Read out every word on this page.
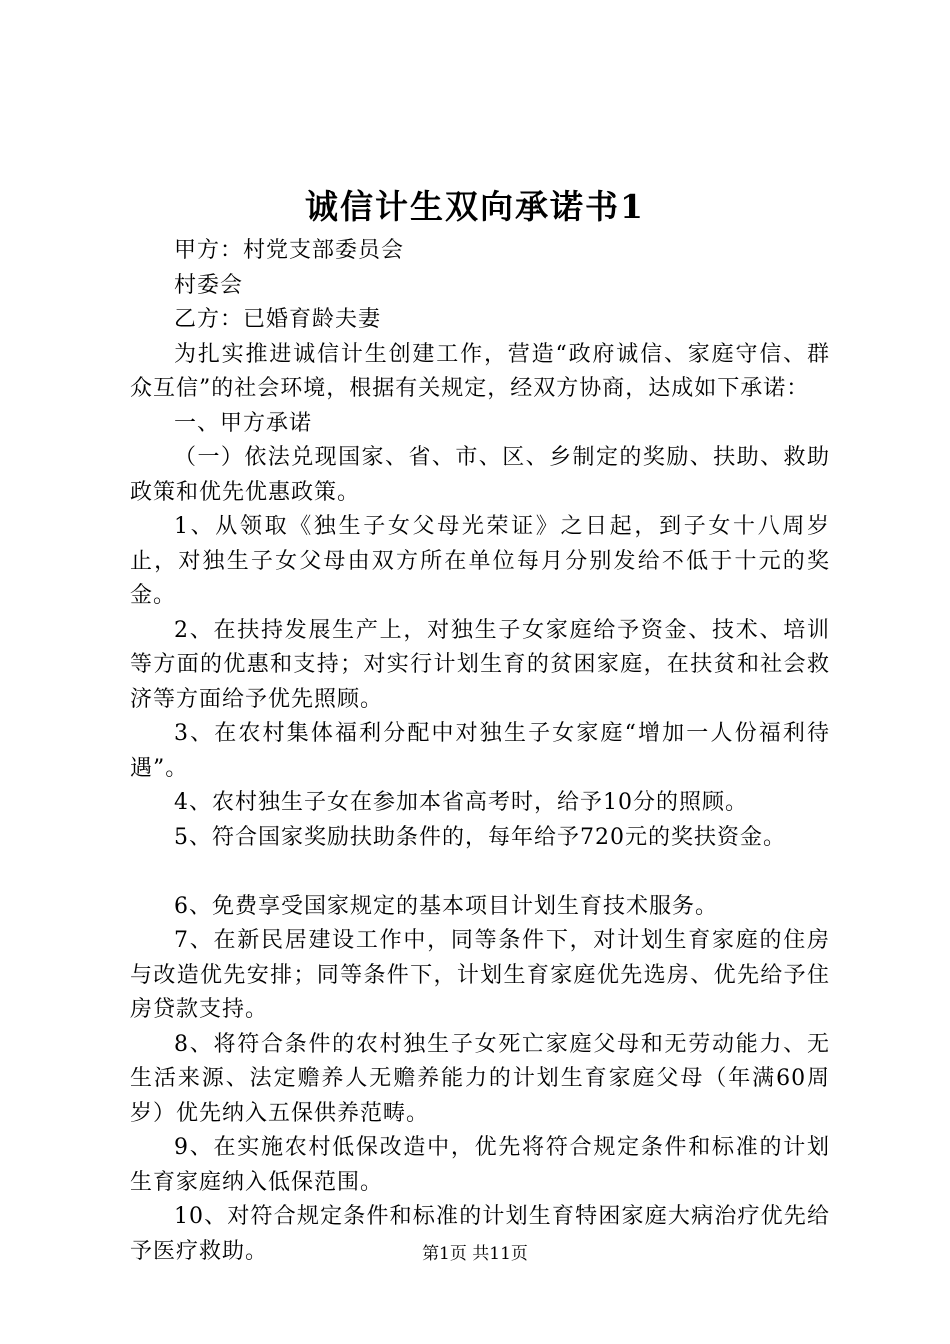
诚信计生双向承诺书1

甲方：村党支部委员会

村委会

乙方：已婚育龄夫妻

为扎实推进诚信计生创建工作，营造“政府诚信、家庭守信、群众互信”的社会环境，根据有关规定，经双方协商，达成如下承诺：

一、甲方承诺

（一）依法兑现国家、省、市、区、乡制定的奖励、扶助、救助政策和优先优惠政策。

1、从领取《独生子女父母光荣证》之日起，到子女十八周岁止，对独生子女父母由双方所在单位每月分别发给不低于十元的奖金。

2、在扶持发展生产上，对独生子女家庭给予资金、技术、培训等方面的优惠和支持；对实行计划生育的贫困家庭，在扶贫和社会救济等方面给予优先照顾。

3、在农村集体福利分配中对独生子女家庭“增加一人份福利待遇”。

4、农村独生子女在参加本省高考时，给予10分的照顾。

5、符合国家奖励扶助条件的，每年给予720元的奖扶资金。

6、免费享受国家规定的基本项目计划生育技术服务。

7、在新民居建设工作中，同等条件下，对计划生育家庭的住房与改造优先安排；同等条件下，计划生育家庭优先选房、优先给予住房贷款支持。

8、将符合条件的农村独生子女死亡家庭父母和无劳动能力、无生活来源、法定赡养人无赡养能力的计划生育家庭父母（年满60周岁）优先纳入五保供养范畴。

9、在实施农村低保改造中，优先将符合规定条件和标准的计划生育家庭纳入低保范围。

10、对符合规定条件和标准的计划生育特困家庭大病治疗优先给予医疗救助。	第1页 共11页
